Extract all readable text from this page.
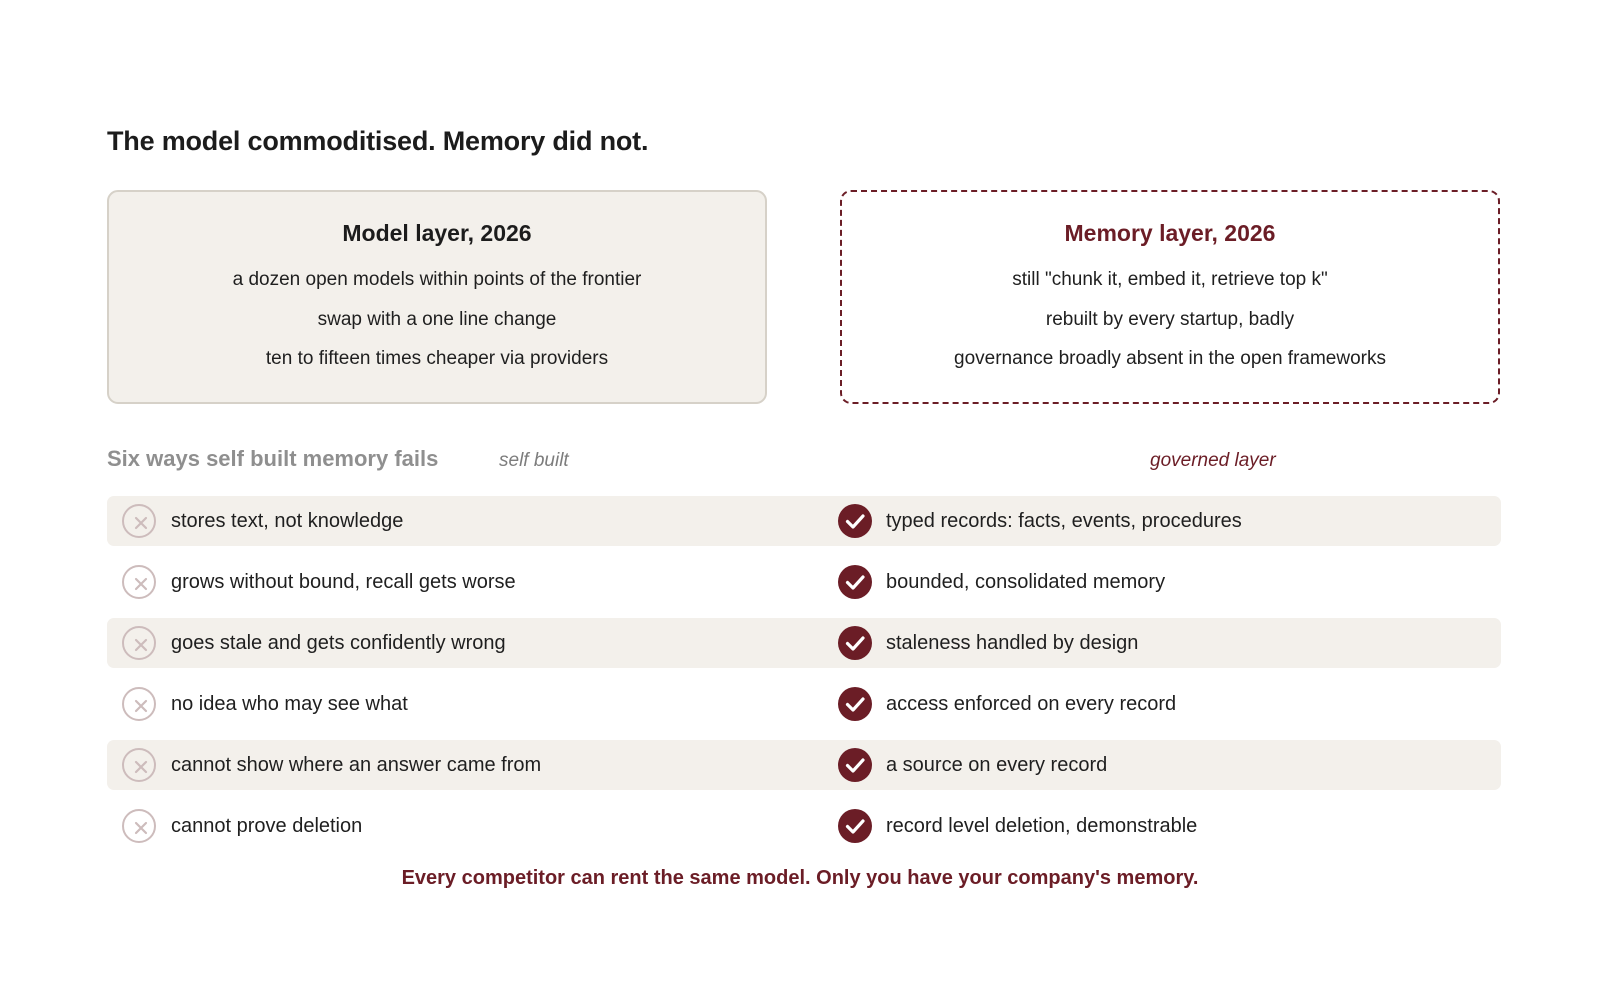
The model commoditised. Memory did not.
Model layer, 2026
a dozen open models within points of the frontier
swap with a one line change
ten to fifteen times cheaper via providers
Memory layer, 2026
still "chunk it, embed it, retrieve top k"
rebuilt by every startup, badly
governance broadly absent in the open frameworks
Six ways self built memory fails	self built	governed layer
stores text, not knowledge	typed records: facts, events, procedures
grows without bound, recall gets worse	bounded, consolidated memory
goes stale and gets confidently wrong	staleness handled by design
no idea who may see what	access enforced on every record
cannot show where an answer came from	a source on every record
cannot prove deletion	record level deletion, demonstrable
Every competitor can rent the same model. Only you have your company's memory.
